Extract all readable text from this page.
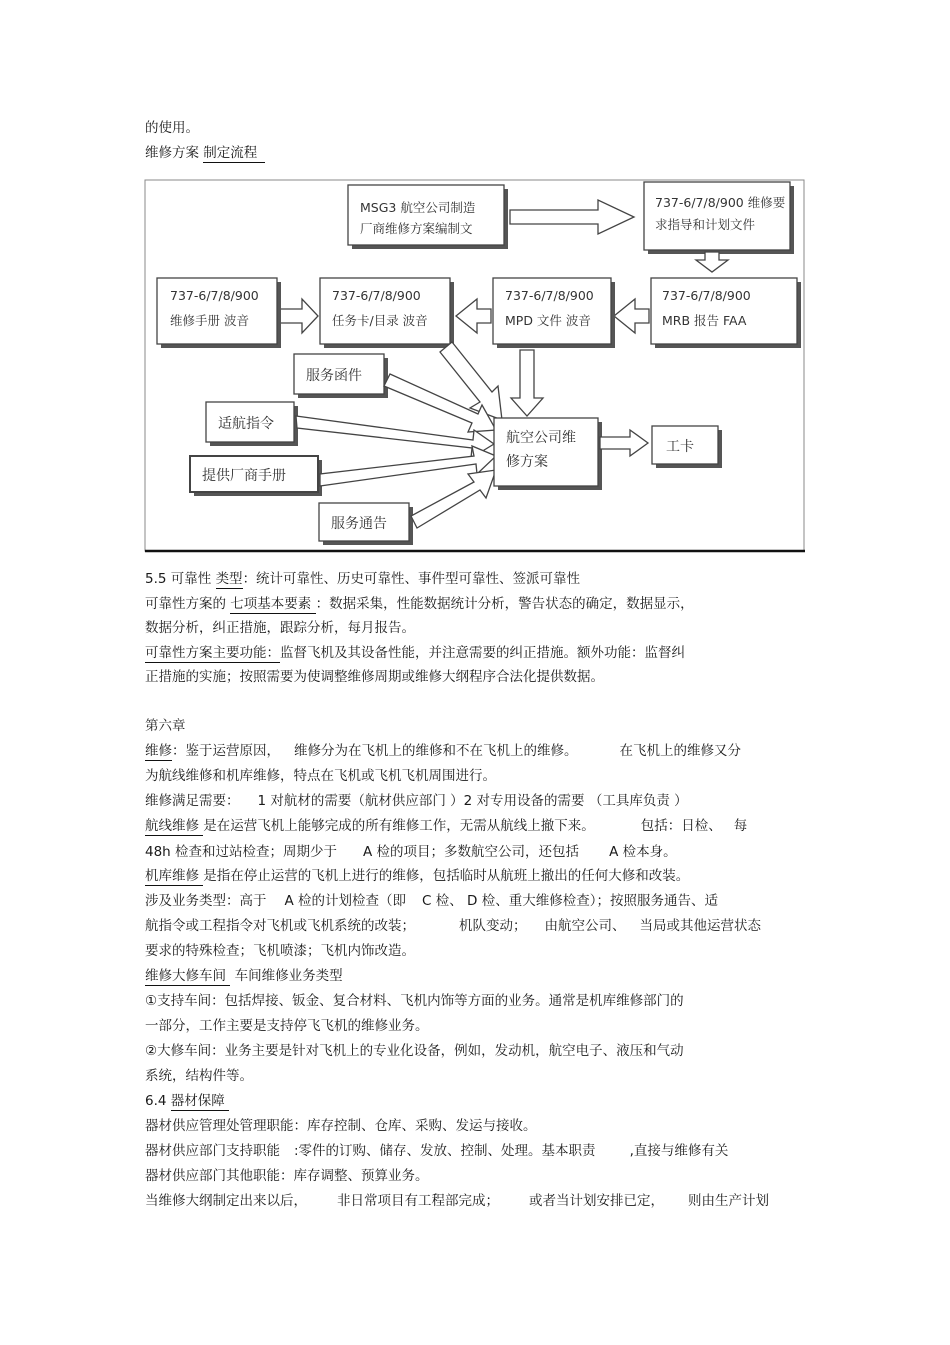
的使用。
维修方案 制定流程
MSG3 航空公司制造
厂商维修方案编制文
737-6/7/8/900 维修要
求指导和计划文件
737-6/7/8/900
MRB 报告 FAA
737-6/7/8/900
MPD 文件 波音
737-6/7/8/900
任务卡/目录 波音
737-6/7/8/900
维修手册 波音
服务函件
适航指令
提供厂商手册
服务通告
航空公司维
修方案
工卡
5.5 可靠性 类型：统计可靠性、历史可靠性、事件型可靠性、签派可靠性
可靠性方案的 七项基本要素 ：数据采集，性能数据统计分析，警告状态的确定，数据显示，
数据分析，纠正措施，跟踪分析，每月报告。
可靠性方案主要功能：监督飞机及其设备性能，并注意需要的纠正措施。额外功能：监督纠
正措施的实施；按照需要为使调整维修周期或维修大纲程序合法化提供数据。
第六章
维修：鉴于运营原因， 维修分为在飞机上的维修和不在飞机上的维修。	在飞机上的维修又分
为航线维修和机库维修，特点在飞机或飞机飞机周围进行。
维修满足需要： 1 对航材的需要（航材供应部门 ）2 对专用设备的需要 （工具库负责 ）
航线维修 是在运营飞机上能够完成的所有维修工作，无需从航线上撤下来。	包括：日检、 每
48h 检查和过站检查；周期少于 A 检的项目；多数航空公司，还包括 A 检本身。
机库维修 是指在停止运营的飞机上进行的维修，包括临时从航班上撤出的任何大修和改装。
涉及业务类型：高于 A 检的计划检查（即 C 检、 D 检、重大维修检查）；按照服务通告、适
航指令或工程指令对飞机或飞机系统的改装；	机队变动； 由航空公司、 当局或其他运营状态
要求的特殊检查；飞机喷漆；飞机内饰改造。
维修大修车间  车间维修业务类型
①支持车间：包括焊接、钣金、复合材料、飞机内饰等方面的业务。通常是机库维修部门的
一部分，工作主要是支持停飞飞机的维修业务。
②大修车间：业务主要是针对飞机上的专业化设备，例如，发动机，航空电子、液压和气动
系统，结构件等。
6.4 器材保障
器材供应管理处管理职能：库存控制、仓库、采购、发运与接收。
器材供应部门支持职能 :零件的订购、储存、发放、控制、处理。基本职责	,直接与维修有关
器材供应部门其他职能：库存调整、预算业务。
当维修大纲制定出来以后， 非日常项目有工程部完成； 或者当计划安排已定， 则由生产计划
